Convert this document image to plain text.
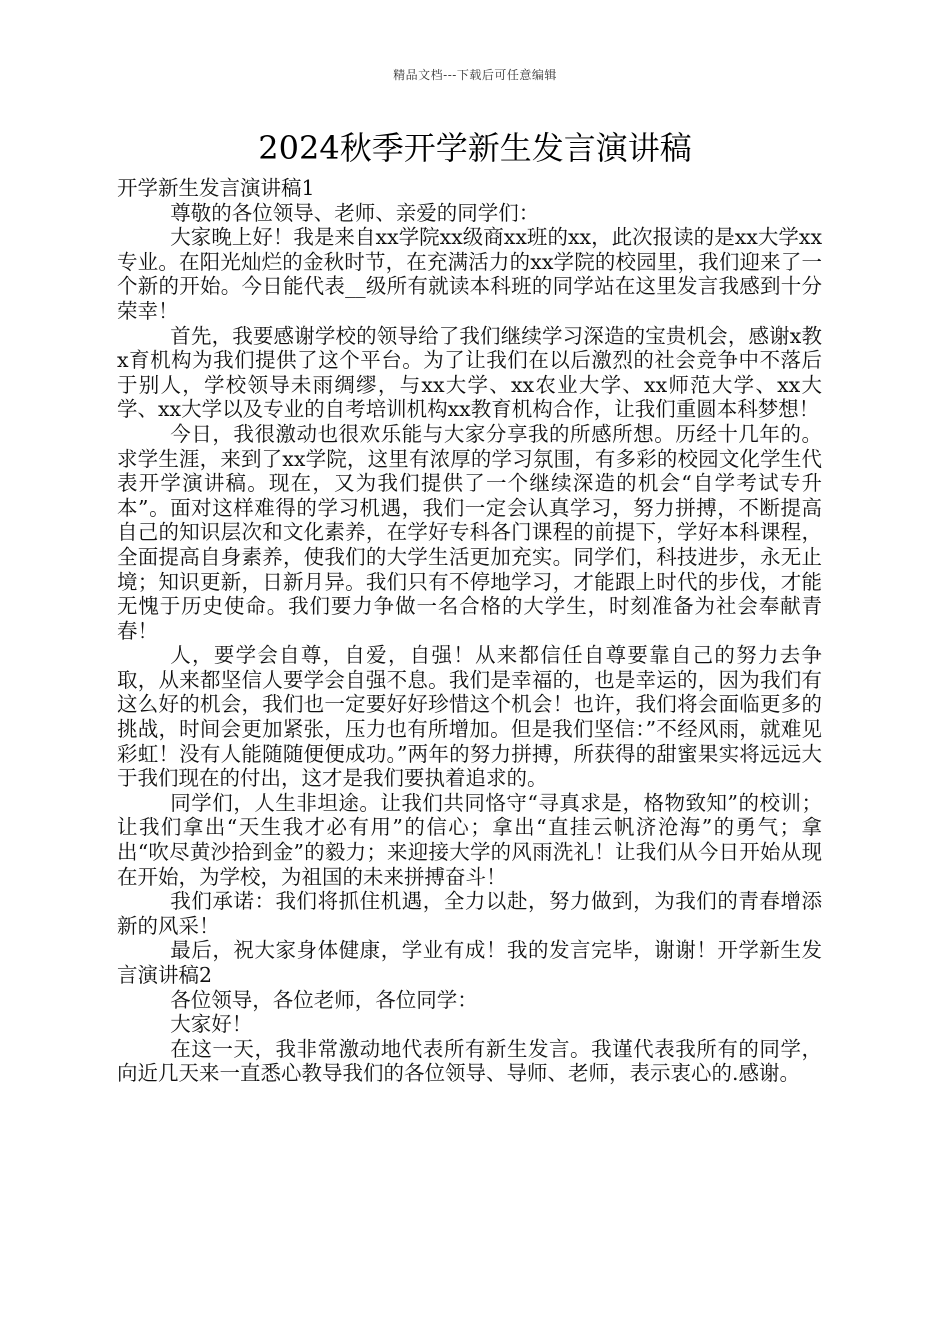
精品文档---下载后可任意编辑
2024秋季开学新生发言演讲稿

开学新生发言演讲稿1

尊敬的各位领导、老师、亲爱的同学们：

大家晚上好！我是来自xx学院xx级商xx班的xx，此次报读的是xx大学xx专业。在阳光灿烂的金秋时节，在充满活力的xx学院的校园里，我们迎来了一个新的开始。今日能代表__级所有就读本科班的同学站在这里发言我感到十分荣幸！

首先，我要感谢学校的领导给了我们继续学习深造的宝贵机会，感谢x教x育机构为我们提供了这个平台。为了让我们在以后激烈的社会竞争中不落后于别人，学校领导未雨绸缪，与xx大学、xx农业大学、xx师范大学、xx大学、xx大学以及专业的自考培训机构xx教育机构合作，让我们重圆本科梦想！

今日，我很激动也很欢乐能与大家分享我的所感所想。历经十几年的。求学生涯，来到了xx学院，这里有浓厚的学习氛围，有多彩的校园文化学生代表开学演讲稿。现在，又为我们提供了一个继续深造的机会“自学考试专升本”。面对这样难得的学习机遇，我们一定会认真学习，努力拼搏，不断提高自己的知识层次和文化素养，在学好专科各门课程的前提下，学好本科课程，全面提高自身素养，使我们的大学生活更加充实。同学们，科技进步，永无止境；知识更新，日新月异。我们只有不停地学习，才能跟上时代的步伐，才能无愧于历史使命。我们要力争做一名合格的大学生，时刻准备为社会奉献青春！

人，要学会自尊，自爱，自强！从来都信任自尊要靠自己的努力去争取，从来都坚信人要学会自强不息。我们是幸福的，也是幸运的，因为我们有这么好的机会，我们也一定要好好珍惜这个机会！也许，我们将会面临更多的挑战，时间会更加紧张，压力也有所增加。但是我们坚信：”不经风雨，就难见彩虹！没有人能随随便便成功。”两年的努力拼搏，所获得的甜蜜果实将远远大于我们现在的付出，这才是我们要执着追求的。

同学们，人生非坦途。让我们共同恪守“寻真求是，格物致知”的校训；让我们拿出“天生我才必有用”的信心；拿出“直挂云帆济沧海”的勇气；拿出“吹尽黄沙拾到金”的毅力；来迎接大学的风雨洗礼！让我们从今日开始从现在开始，为学校，为祖国的未来拼搏奋斗！

我们承诺：我们将抓住机遇，全力以赴，努力做到，为我们的青春增添新的风采！

最后，祝大家身体健康，学业有成！我的发言完毕，谢谢！开学新生发言演讲稿2

各位领导，各位老师，各位同学：

大家好！

在这一天，我非常激动地代表所有新生发言。我谨代表我所有的同学，向近几天来一直悉心教导我们的各位领导、导师、老师，表示衷心的.感谢。
